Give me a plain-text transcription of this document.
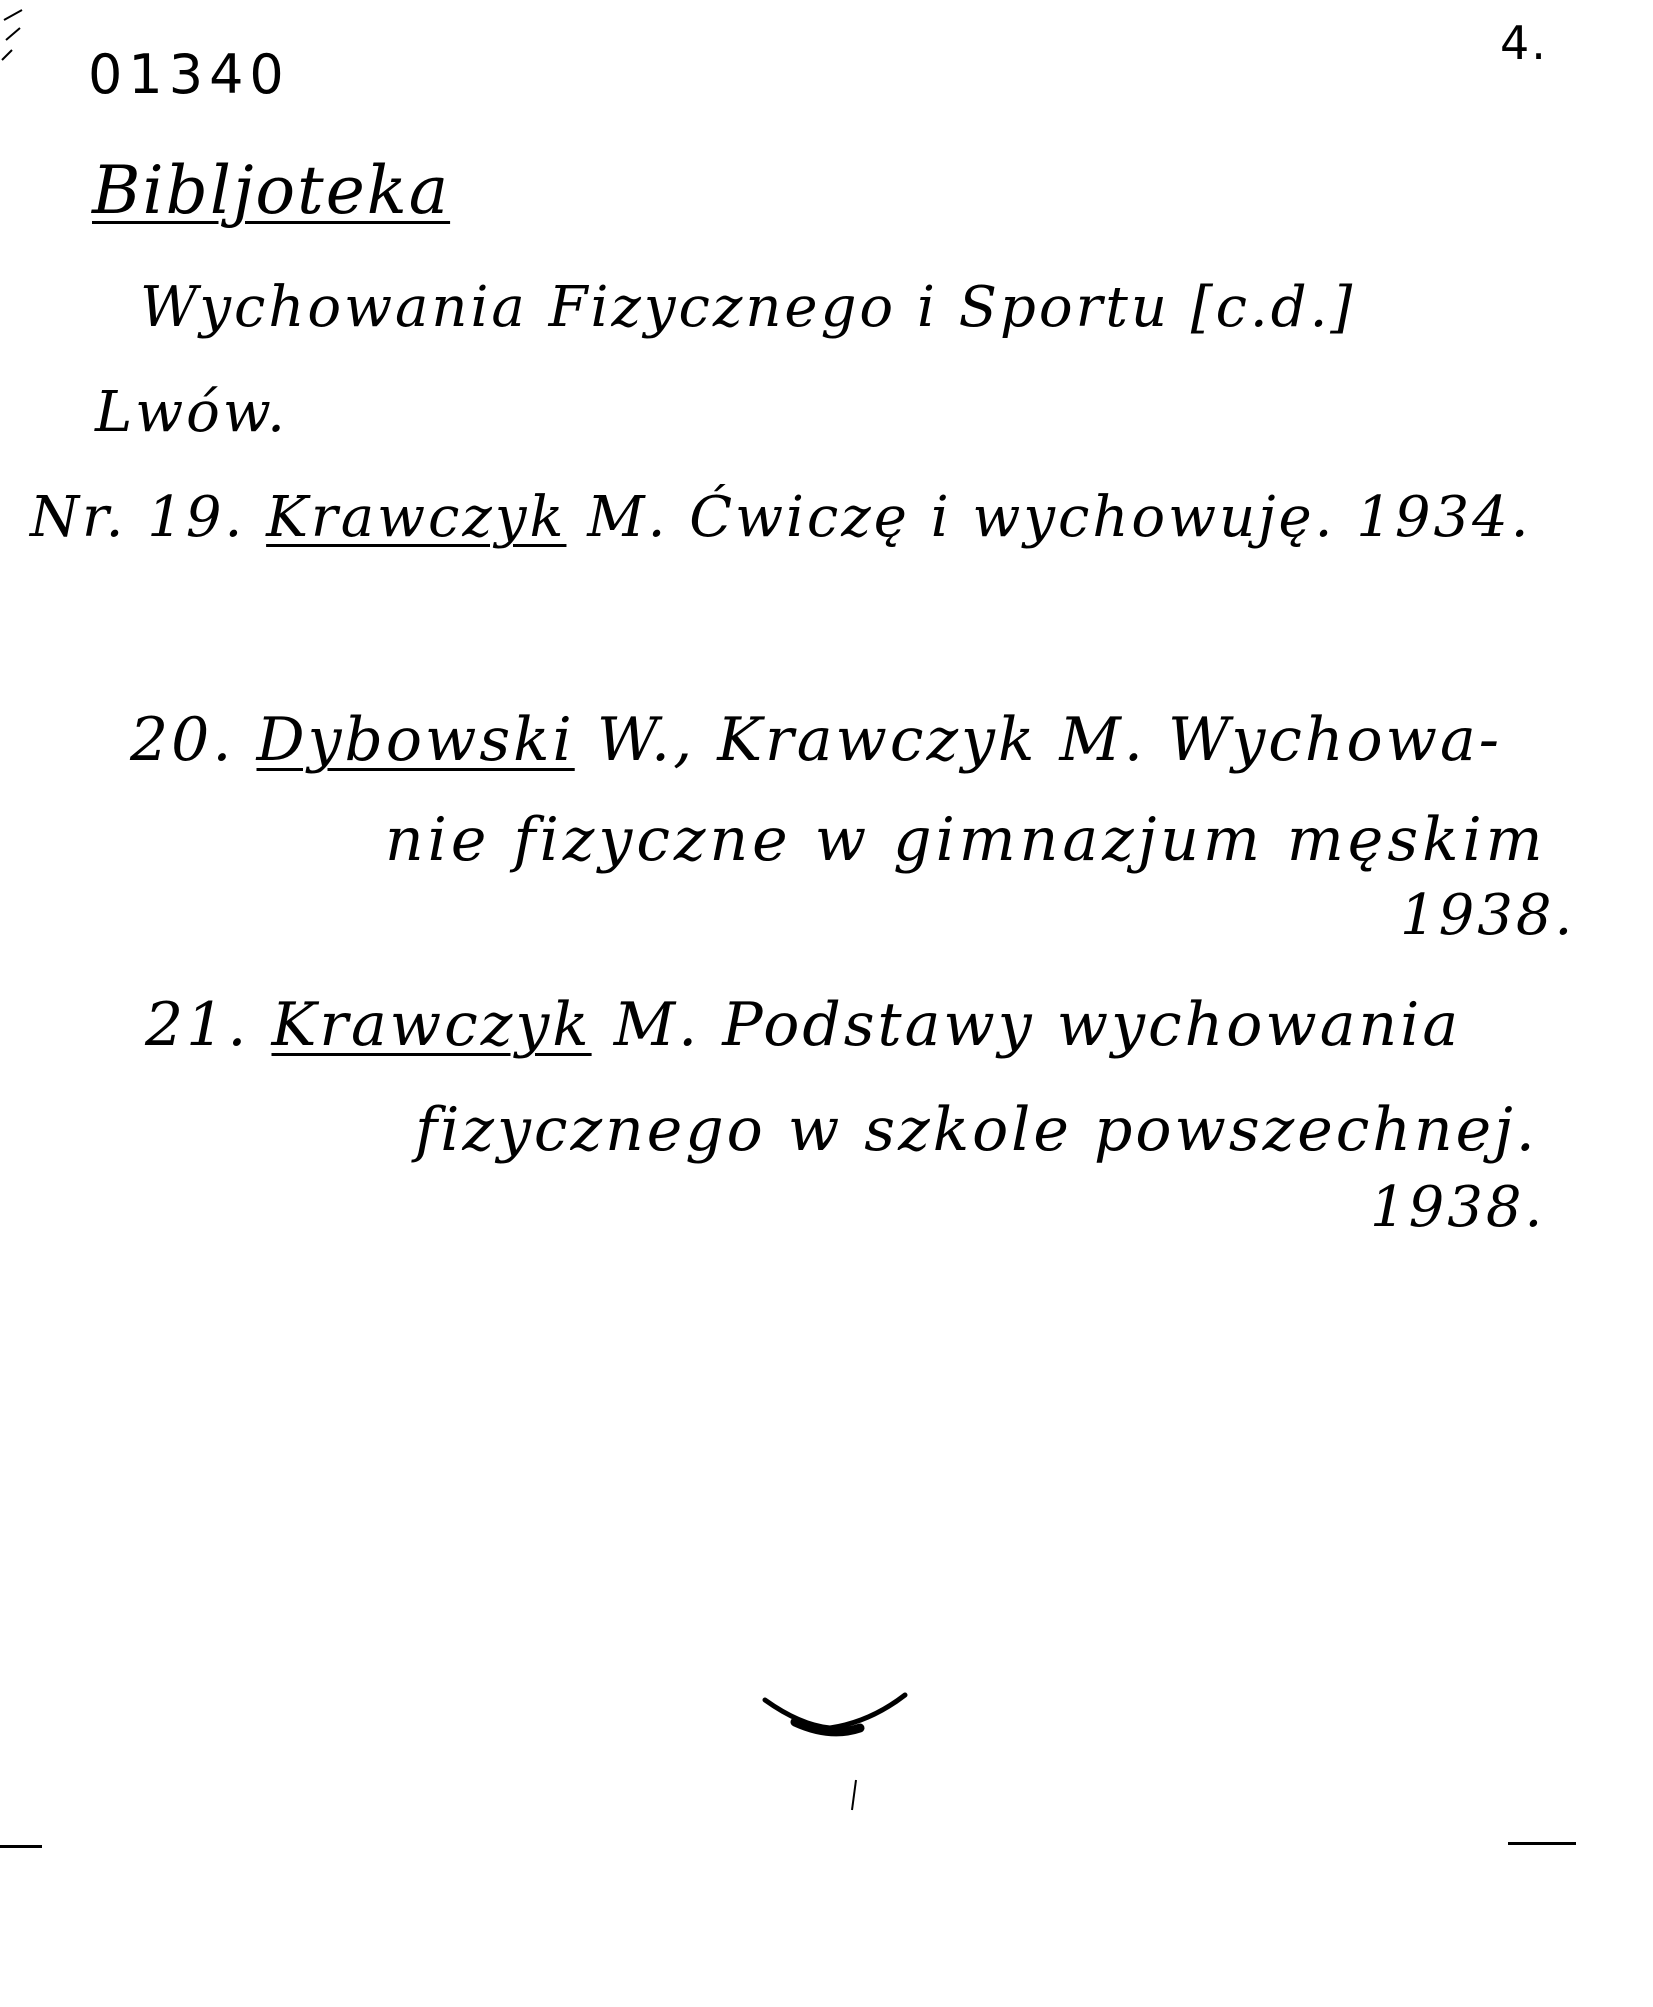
01340	4.
Bibljoteka
Wychowania Fizycznego i Sportu [c.d.]
Lwów.
Nr. 19. Krawczyk M. Ćwiczę i wychowuję. 1934.
20. Dybowski W., Krawczyk M. Wychowa-
nie fizyczne w gimnazjum męskim
1938.
21. Krawczyk M. Podstawy wychowania
fizycznego w szkole powszechnej.
1938.
